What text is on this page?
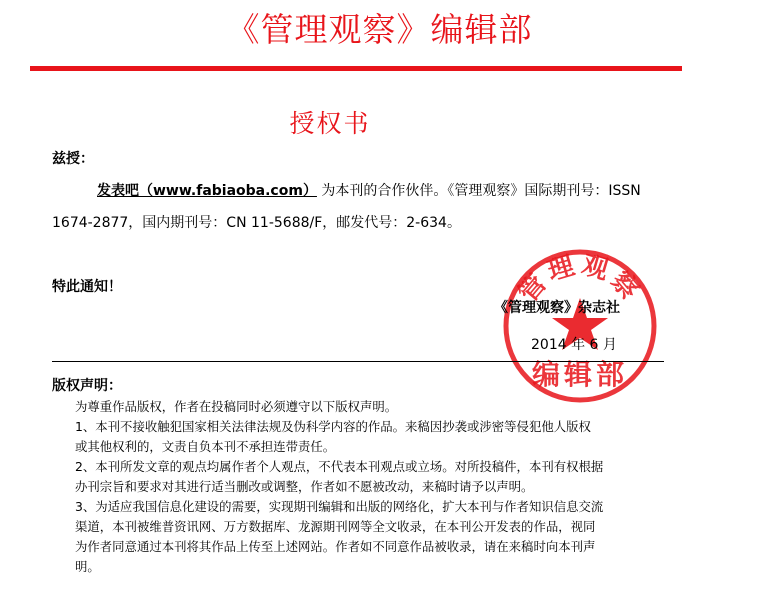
《管理观察》编辑部
授权书
兹授：
发表吧（www.fabiaoba.com） 为本刊的合作伙伴。《管理观察》国际期刊号：ISSN
1674-2877，国内期刊号：CN 11-5688/F，邮发代号：2-634。
特此通知！	管理观察
编辑部
《管理观察》杂志社
2014 年 6 月
版权声明：

为尊重作品版权，作者在投稿同时必须遵守以下版权声明。

1、本刊不接收触犯国家相关法律法规及伪科学内容的作品。来稿因抄袭或涉密等侵犯他人版权

或其他权利的，文责自负本刊不承担连带责任。

2、本刊所发文章的观点均属作者个人观点，不代表本刊观点或立场。对所投稿件，本刊有权根据

办刊宗旨和要求对其进行适当删改或调整，作者如不愿被改动，来稿时请予以声明。

3、为适应我国信息化建设的需要，实现期刊编辑和出版的网络化，扩大本刊与作者知识信息交流

渠道，本刊被维普资讯网、万方数据库、龙源期刊网等全文收录，在本刊公开发表的作品，视同

为作者同意通过本刊将其作品上传至上述网站。作者如不同意作品被收录，请在来稿时向本刊声

明。
